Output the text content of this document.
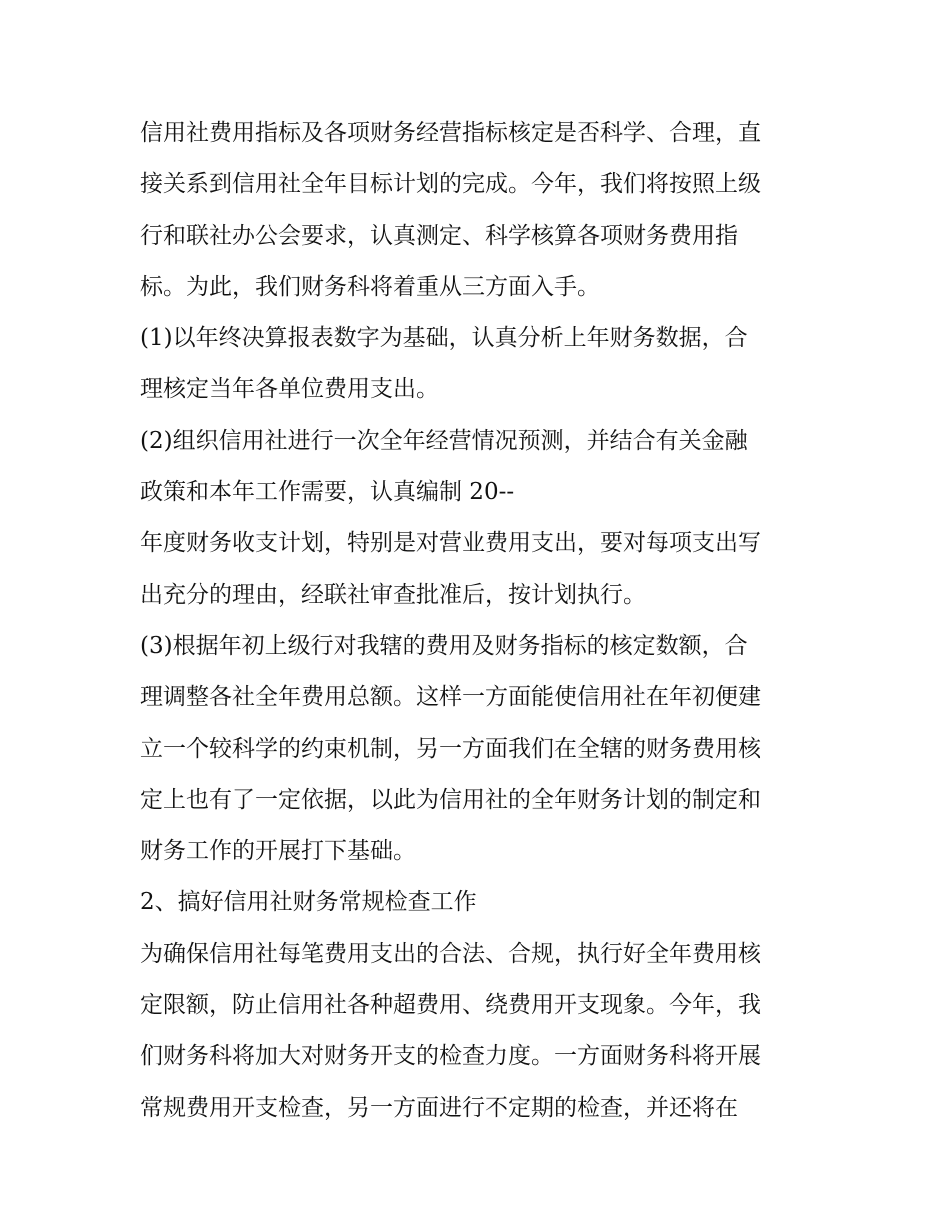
信用社费用指标及各项财务经营指标核定是否科学、合理，直

接关系到信用社全年目标计划的完成。今年，我们将按照上级

行和联社办公会要求，认真测定、科学核算各项财务费用指

标。为此，我们财务科将着重从三方面入手。

(1)以年终决算报表数字为基础，认真分析上年财务数据，合

理核定当年各单位费用支出。

(2)组织信用社进行一次全年经营情况预测，并结合有关金融

政策和本年工作需要，认真编制 20--

年度财务收支计划，特别是对营业费用支出，要对每项支出写

出充分的理由，经联社审查批准后，按计划执行。

(3)根据年初上级行对我辖的费用及财务指标的核定数额，合

理调整各社全年费用总额。这样一方面能使信用社在年初便建

立一个较科学的约束机制，另一方面我们在全辖的财务费用核

定上也有了一定依据，以此为信用社的全年财务计划的制定和

财务工作的开展打下基础。

2、搞好信用社财务常规检查工作

为确保信用社每笔费用支出的合法、合规，执行好全年费用核

定限额，防止信用社各种超费用、绕费用开支现象。今年，我

们财务科将加大对财务开支的检查力度。一方面财务科将开展

常规费用开支检查，另一方面进行不定期的检查，并还将在
